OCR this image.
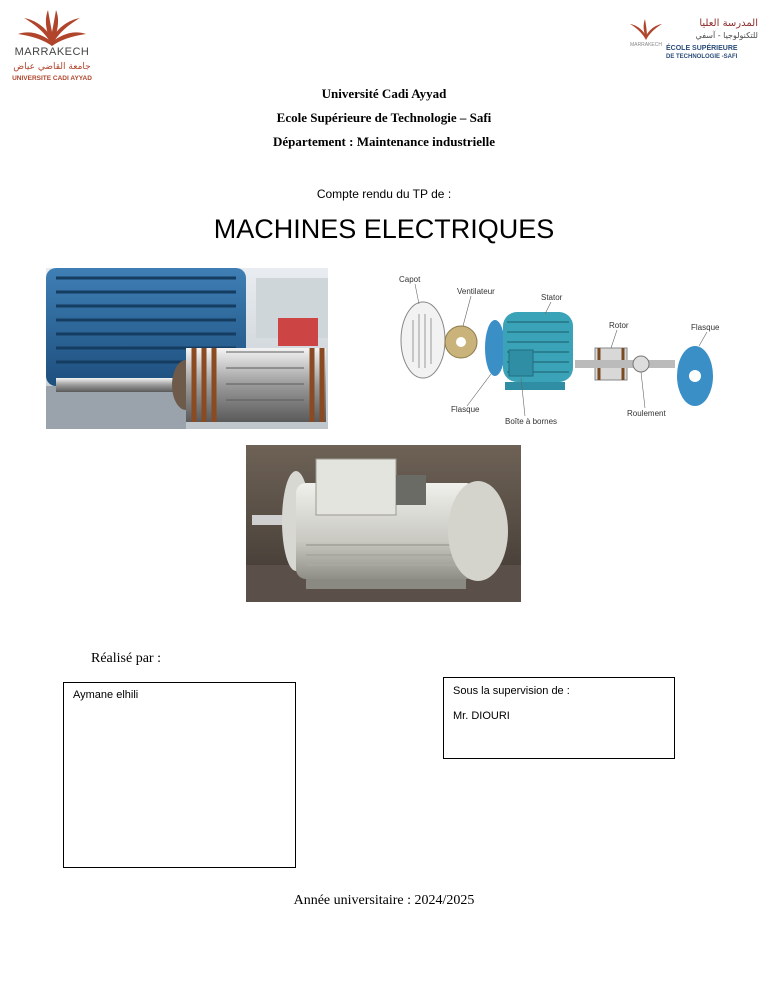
MARRAKECH
جامعة القاضي عياض
UNIVERSITE CADI AYYAD
MARRAKECH
المدرسة العليا
للتكنولوجيا - آسفي
ÉCOLE SUPÉRIEURE
DE TECHNOLOGIE -SAFI
Université Cadi Ayyad
Ecole Supérieure de Technologie – Safi
Département : Maintenance industrielle
Compte rendu du TP de :
MACHINES ELECTRIQUES
Capot
Ventilateur
Stator
Rotor	Flasque
Flasque
Boîte à bornes
Roulement
Réalisé par :
Aymane elhili	Sous la supervision de :
Mr. DIOURI
Année universitaire : 2024/2025
